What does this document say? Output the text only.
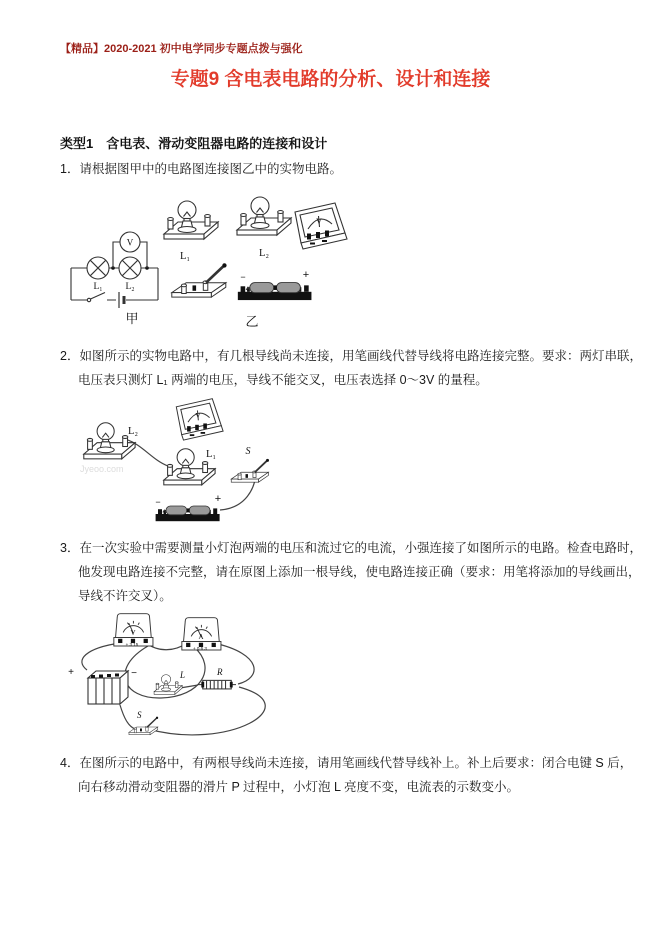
【精品】2020-2021 初中电学同步专题点拨与强化
专题9 含电表电路的分析、设计和连接
类型1　含电表、滑动变阻器电路的连接和设计
1．请根据图甲中的电路图连接图乙中的实物电路。
V
L₁ L₂
甲
L₁	L₂
V
−	+
乙
2．如图所示的实物电路中，有几根导线尚未连接，用笔画线代替导线将电路连接完整。要求：两灯串联，
电压表只测灯 L₁ 两端的电压，导线不能交叉，电压表选择 0～3V 的量程。
Jyeoo.com
V
L₂
L₁	S
−	+
3．在一次实验中需要测量小灯泡两端的电压和流过它的电流，小强连接了如图所示的电路。检查电路时，
他发现电路连接不完整，请在原图上添加一根导线，使电路连接正确（要求：用笔将添加的导线画出，
导线不许交叉）。
V
+ 3 15
A
+ 0.6 3
+	−	L	R
S
4．在图所示的电路中，有两根导线尚未连接，请用笔画线代替导线补上。补上后要求：闭合电键 S 后，
向右移动滑动变阻器的滑片 P 过程中，小灯泡 L 亮度不变，电流表的示数变小。
